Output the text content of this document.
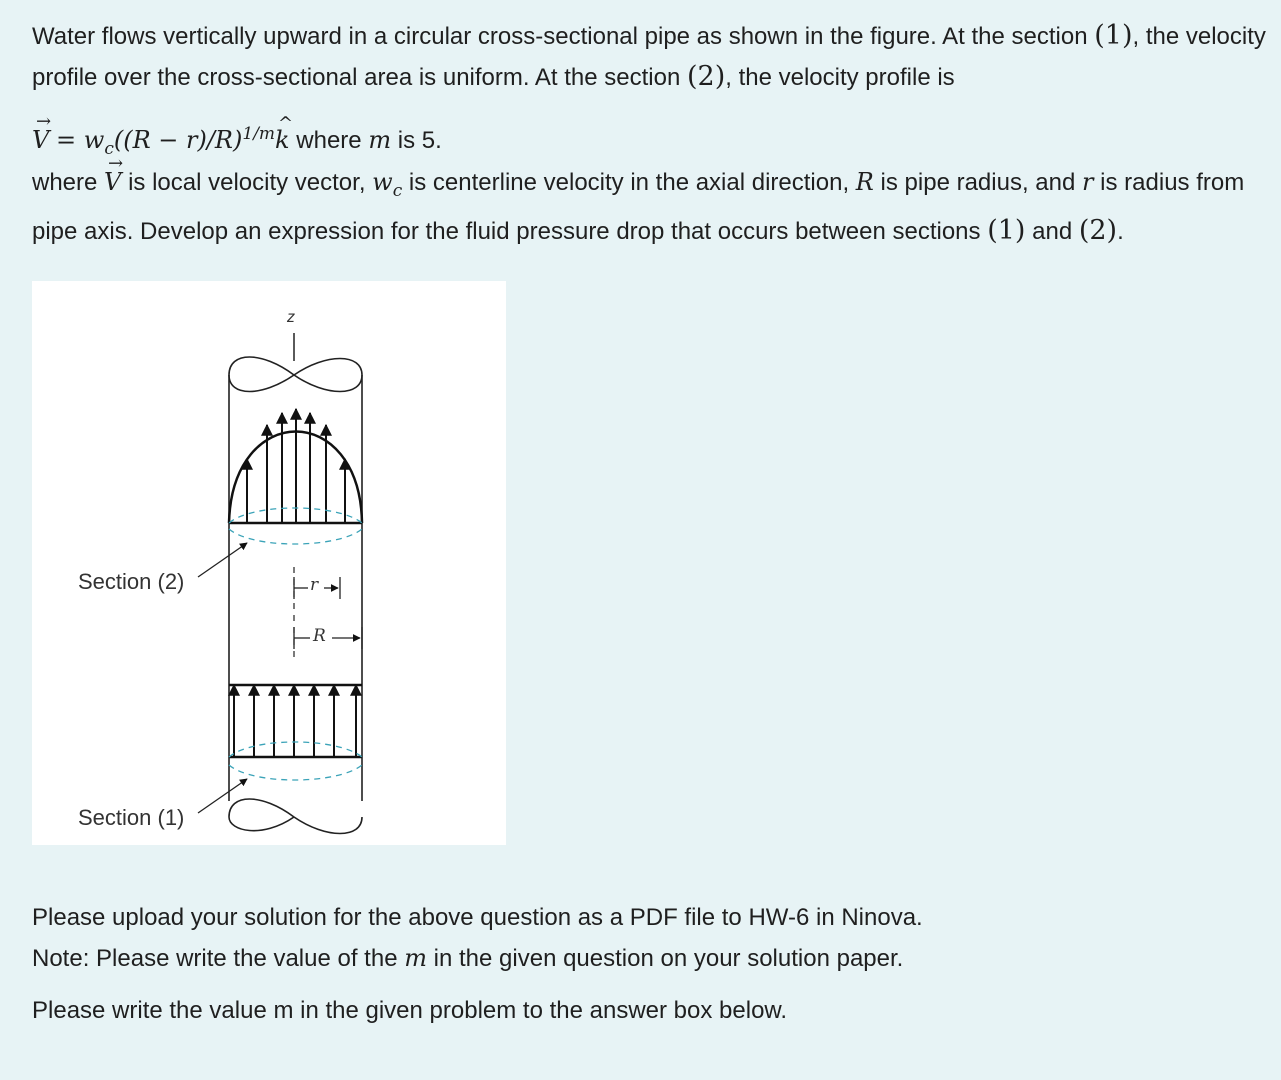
Water flows vertically upward in a circular cross-sectional pipe as shown in the figure. At the section (1), the velocity profile over the cross-sectional area is uniform. At the section (2), the velocity profile is

→ $V = w_c((R$ − $r)/R)^{1/m}\^{}$ k where m is 5.

where → V is local velocity vector, $w_c$ is centerline velocity in the axial direction, R is pipe radius, and r is radius from pipe axis. Develop an expression for the fluid pressure drop that occurs between sections (1) and (2).

z
Section (2)
Section (1)
r
R

Please upload your solution for the above question as a PDF file to HW-6 in Ninova.

Note: Please write the value of the m in the given question on your solution paper.

Please write the value m in the given problem to the answer box below.
